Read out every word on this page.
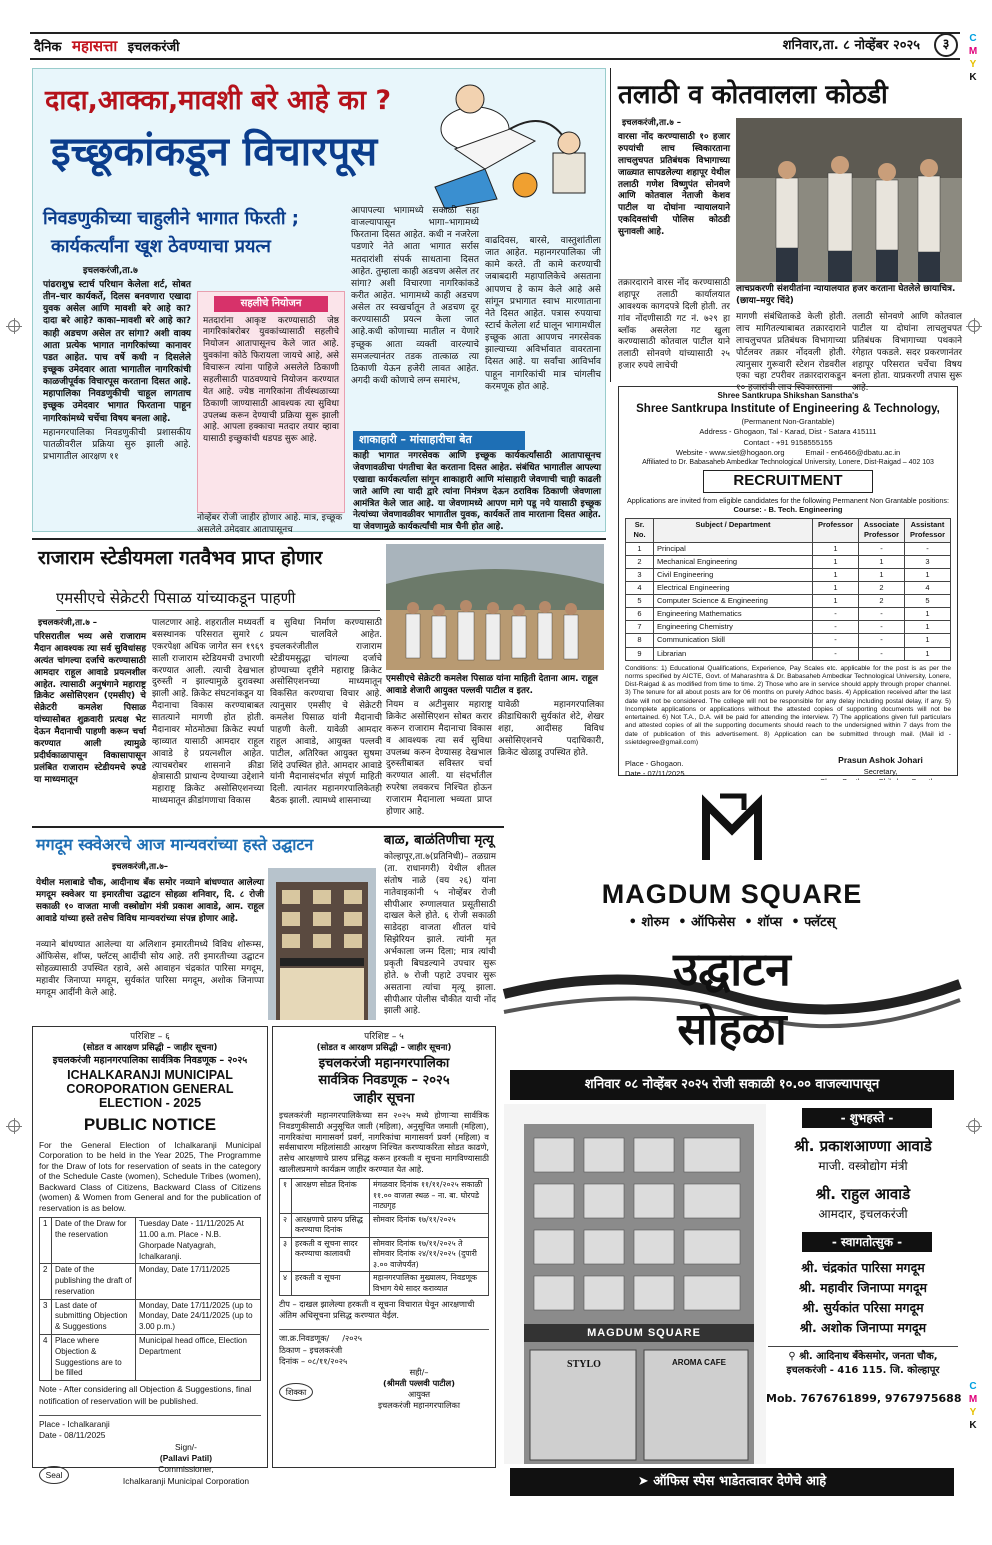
दैनिक महासत्ता इचलकरंजी	शनिवार,ता. ८ नोव्हेंबर २०२५	३	C
M
Y
K
C
M
Y
K
दादा,आक्का,मावशी बरे आहे का ?
इच्छूकांकडून विचारपूस
निवडणुकीच्या चाहुलीने भागात फिरती ;
कार्यकर्त्यांना खूश ठेवण्याचा प्रयत्न
इचलकरंजी,ता.७

पांढराशुभ्र स्टार्च परिधान केलेला शर्ट, सोबत तीन–चार कार्यकर्ते, दिलस बनवणारा एखादा युवक असेल आणि मावशी बरे आहे का? दादा बरे आहे? काका–मावशी बरे आहे का? काही अडचण असेल तर सांगा? अशी वाक्य आता प्रत्येक भागात नागरिकांच्या कानावर पडत आहेत. पाच वर्षे कधी न दिसलेले इच्छूक उमेदवार आता भागातील नागरिकांची काळजीपूर्वक विचारपूस करताना दिसत आहे. महापालिका निवडणुकीची चाहूल लागताच इच्छूक उमेदवार भागात फिरताना पाहून नागरिकांमध्ये चर्चेचा विषय बनला आहे.

महानगरपालिका निवडणुकीची प्रशासकीय पातळीवरील प्रक्रिया सुरु झाली आहे. प्रभागातील आरक्षण ११

सहलीचे नियोजन
मतदारांना आकृष्ट करण्यासाठी जेष्ठ नागरिकांबरोबर युवकांच्यासाठी सहलीचे नियोजन आतापासूनच केले जात आहे. युवकांना कोठे फिरायला जायचे आहे, असे विचारून त्यांना पाहिजे असलेले ठिकाणी सहलीसाठी पाठवण्याचे नियोजन करण्यात येत आहे. ज्येष्ठ नागरिकांना तीर्थस्थळाच्या ठिकाणी जाण्यासाठी आवश्यक त्या सुविधा उपलब्ध करून देण्याची प्रक्रिया सुरू झाली आहे. आपला हक्काचा मतदार तयार व्हावा यासाठी इच्छुकांची धडपड सुरू आहे.
नोव्हेंबर रोजी जाहीर होणार आहे. मात्र, इच्छूक असलेले उमेदवार आतापासूनच
आपापल्या भागामध्ये सकाळी सहा वाजल्यापासून भागा–भागामध्ये फिरताना दिसत आहेत. कधी न नजरेला पडणारे नेते आता भागात सर्रास मतदारांशी संपर्क साधताना दिसत आहेत. तुम्हाला काही अडचण असेल तर सांगा? अशी विचारणा नागरिकांकडे करीत आहेत. भागामध्ये काही अडचण असेल तर स्वखर्चातून ते अडचण दूर करण्यासाठी प्रयत्न केला जात आहे.कधी कोणाच्या मातील न येणारे इच्छूक आता व्यक्ती वारल्याचे समजल्यानंतर तडक तात्काळ त्या ठिकाणी येऊन हजेरी लावत आहेत. अगदी कधी कोणाचे लग्न समारंभ,
वाढदिवस, बारसे, वास्तुशांतीला जात आहेत. महानगरपालिका जी कामे करते. ती कामे करण्याची जबाबदारी महापालिकेचे असताना आपणच हे काम केले आहे असे सांगून प्रभागात स्वाभ मारणाताना नेते दिसत आहेत. पत्रास रुपयाचा स्टार्च केलेला शर्ट घालून भागामधील इच्छूक आता आपणच नगरसेवक झाल्याच्या अविर्भावात वावरताना दिसत आहे. या सर्वांचा आविर्भाव पाहून नागरिकांची मात्र चांगलीच करमणूक होत आहे.
शाकाहारी – मांसाहारीचा बेत
काही भागात नगरसेवक आणि इच्छूक कार्यकर्त्यांसाठी आतापासूनच जेवणावळीचा पंगतीचा बेत करताना दिसत आहेत. संबंधित भागातील आपल्या एखाद्या कार्यकर्त्याला सांगून शाकाहारी आणि मांसाहारी जेवणाची चाही काढली जाते आणि त्या यादी द्वारे त्यांना निमंत्रण देऊन ठराविक ठिकाणी जेवणाला आमंत्रित केले जात आहे. या जेवणामध्ये आपण मागे पडू नये यासाठी इच्छूक नेत्यांच्या जेवणावळीवर भागातील युवक, कार्यकर्ते ताव मारताना दिसत आहेत. या जेवणामुळे कार्यकर्त्यांची मात्र चैनी होत आहे.
तलाठी व कोतवालला कोठडी
इचलकरंजी,ता.७ –
वारसा नोंद करण्यासाठी १० हजार रुपयांची लाच स्विकारताना लाचलुचपत प्रतिबंधक विभागाच्या जाळ्यात सापडलेल्या शहापूर येथील तलाठी गणेश विष्णुपंत सोनवणे आणि कोतवाल नेताजी केशव पाटील या दोघांना न्यायालयाने एकदिवसांची पोलिस कोठडी सुनावली आहे.
लाचप्रकरणी संशयीतांना न्यायालयात हजर करताना घेतलेले छायाचित्र.(छाया–मयुर चिंदे)
तक्रारदाराने वारस नोंद करण्यासाठी शहापूर तलाठी कार्यालयात आवश्यक कागदपत्रे दिली होती. तर गांव नोंदणीसाठी गट नं. ७२९ हा ब्लॉक असलेला गट खुला करण्यासाठी कोतवाल पाटील याने तलाठी सोनवणे यांच्यासाठी २५ हजार रुपये लाचेची
मागणी संबंधिताकडे केली होती. लाच मागितल्याबाबत तक्रारदाराने लाचलुचपत प्रतिबंधक विभागाच्या पोर्टलवर तक्रार नोंदवली होती. त्यानुसार गुरूवारी स्टेशन रोडवरील एका चहा टपरीवर तक्रारदाराकडून १० हजारांची लाच स्विकारताना
तलाठी सोनवणे आणि कोतवाल पाटील या दोघांना लाचलुचपत प्रतिबंधक विभागाच्या पथकाने रंगेहात पकडले. सदर प्रकरणानंतर शहापूर परिसरात चर्चेचा विषय बनला होता. याप्रकरणी तपास सुरू आहे.
Shree Santkrupa Shikshan Sanstha's
Shree Santkrupa Institute of Engineering & Technology,
(Permanent Non-Grantable)
Address - Ghogaon, Tal - Karad, Dist - Satara 415111
Contact - +91 9158555155
Website - www.siet@hogaon.org          Email - en6466@dbatu.ac.in
Affiliated to Dr. Babasaheb Ambedkar Technological University, Lonere, Dist-Raigad – 402 103
RECRUITMENT
Applications are invited from eligible candidates for the following Permanent Non Grantable positions:
Course: - B. Tech. Engineering
Sr. No.	Subject / Department	Professor	Associate Professor	Assistant Professor
1	Principal	1	-	-
2	Mechanical Engineering	1	1	3
3	Civil Engineering	1	1	1
4	Electrical Engineering	1	2	4
5	Computer Science & Engineering	1	2	5
6	Engineering Mathematics	-	-	1
7	Engineering Chemistry	-	-	1
8	Communication Skill	-	-	1
9	Librarian	-	-	1
Conditions: 1) Educational Qualifications, Experience, Pay Scales etc. applicable for the post is as per the norms specified by AICTE, Govt. of Maharashtra & Dr. Babasaheb Ambedkar Technological University, Lonere, Dist-Raigad & as modified from time to time. 2) Those who are in service should apply through proper channel. 3) The tenure for all about posts are for 06 months on purely Adhoc basis. 4) Application received after the last date will not be considered. The college will not be responsible for any delay including postal delay, if any. 5) Incomplete applications or applications without the attested copies of supporting documents will not be entertained. 6) Not T.A., D.A. will be paid for attending the interview. 7) The applications given full particulars and attested copies of all the supporting documents should reach to the undersigned within 7 days from the date of publication of this advertisement. 8) Application can be submitted through mail. (Mail id - ssietdegree@gmail.com)
Place - Ghogaon.
Date - 07/11/2025
Prasun Ashok Johari
Secretary,
राजाराम स्टेडीयमला गतवैभव प्राप्त होणार
एमसीएचे सेक्रेटरी पिसाळ यांच्याकडून पाहणी
इचलकरंजी,ता.७ –
परिसरातील भव्य असे राजाराम मैदान आवश्यक त्या सर्व सुविधांसह अत्यंत चांगल्या दर्जाचे करण्यासाठी आमदार राहूल आवाडे प्रयत्नशील आहेत. त्यासाठी अनुषंगाने महाराष्ट्र क्रिकेट असोसिएशन (एमसीए) चे सेक्रेटरी कमलेश पिसाळ यांच्यासोबत शुक्रवारी प्रत्यक्ष भेट देऊन मैदानाची पाहणी करून चर्चा करण्यात आली त्यामुळे प्रदीर्घकाळापासून विकासापासून प्रलंबित राजाराम स्टेडीयमचे रुपडे या माध्यमातून
पालटणार आहे. शहरातील मध्यवर्ती बसस्थानक परिसरात सुमारे ८ एकरपेक्षा अधिक जागेत सन १९६९ साली राजाराम स्टेडियमची उभारणी करण्यात आली. त्याची देखभाल दुरुस्ती न झाल्यामुळे दुरावस्था झाली आहे. क्रिकेट संघटनांकडून या मैदानाचा विकास करण्याबाबत सातत्याने मागणी होत होती. मैदानावर मोठमोठ्या क्रिकेट स्पर्धा व्हाव्यात यासाठी आमदार राहूल आवाडे हे प्रयत्नशील आहेत. त्याचबरोबर शासनाने क्रीडा क्षेत्रासाठी प्राधान्य देण्याच्या उद्देशाने महाराष्ट्र क्रिकेट असोसिएशनच्या माध्यमातून क्रीडांगणाचा विकास
व सुविधा निर्माण करण्यासाठी प्रयत्न चालविले आहेत. इचलकरंजीतील राजाराम स्टेडीयमसुद्धा चांगल्या दर्जाचे होण्याच्या दृष्टीने महाराष्ट्र क्रिकेट असोसिएशनच्या माध्यमातून विकसित करण्याचा विचार आहे. त्यानुसार एमसीए चे सेक्रेटरी कमलेश पिसाळ यांनी मैदानाची पाहणी केली. यावेळी आमदार राहूल आवाडे, आयुक्त पल्लवी पाटील, अतिरिक्त आयुक्त सुषमा शिंदे उपस्थित होते. आमदार आवाडे यांनी मैदानासंदर्भात संपूर्ण माहिती दिली. त्यानंतर महानगरपालिकेतही बैठक झाली. त्यामध्ये शासनाच्या
एमसीएचे सेक्रेटरी कमलेश पिसाळ यांना माहिती देताना आम. राहूल आवाडे शेजारी आयुक्त पल्लवी पाटील व इतर.
नियम व अटीनुसार महाराष्ट्र क्रिकेट असोसिएशन सोबत करार करून राजाराम मैदानाचा विकास व आवश्यक त्या सर्व सुविधा उपलब्ध करुन देण्यासह देखभाल दुरुस्तीबाबत सविस्तर चर्चा करण्यात आली. या संदर्भातील रुपरेषा लवकरच निश्चित होऊन राजाराम मैदानाला भव्यता प्राप्त होणार आहे.
यावेळी महानगरपालिका क्रीडाधिकारी सुर्यकांत शेटे, शेखर शहा, आदीसह विविध असोसिएशनचे पदाधिकारी, क्रिकेट खेळाडू उपस्थित होते.
मगदूम स्क्वेअरचे आज मान्यवरांच्या हस्ते उद्घाटन
इचलकरंजी,ता.७–
येथील मलाबाडे चौक, आदीनाथ बँक समोर नव्याने बांधण्यात आलेल्या मगदूम स्क्वेअर या इमारतीचा उद्घाटन सोहळा शनिवार, दि. ८ रोजी सकाळी १० वाजता माजी वस्त्रोद्योग मंत्री प्रकाश आवाडे, आम. राहूल आवाडे यांच्या हस्ते तसेच विविध मान्यवरांच्या संपन्न होणार आहे.
नव्याने बांधण्यात आलेल्या या अलिशान इमारतीमध्ये विविध शोरूम्स, ऑफिसेस, शॉप्स, फ्लॅटस् आदींची सोय आहे. तरी इमारतीच्या उद्घाटन सोहळ्यासाठी उपस्थित रहावे, असे आवाहन चंद्रकांत पारिसा मगदूम, महावीर जिनाप्पा मगदूम, सुर्यकांत पारिसा मगदूम, अशोक जिनाप्पा मगदूम आदींनी केले आहे.
बाळ, बाळंतिणीचा मृत्यू
कोल्हापूर,ता.७(प्रतिनिधी)– तळग्राम (ता. राधानगरी) येथील शीतल संतोष नाळे (वय २६) यांना नातेवाइकांनी ५ नोव्हेंबर रोजी सीपीआर रुग्णालयात प्रसूतीसाठी दाखल केले होते. ६ रोजी सकाळी साडेदहा वाजता शीतल यांचे सिझेरियन झाले. त्यांनी मृत अर्भकाला जन्म दिला; मात्र त्यांची प्रकृती बिघडल्याने उपचार सुरू होते. ७ रोजी पहाटे उपचार सुरू असताना त्यांचा मृत्यू झाला. सीपीआर पोलीस चौकीत याची नोंद झाली आहे.
परिशिष्ट – ६
(सोडत व आरक्षण प्रसिद्धी – जाहीर सूचना)
इचलकरंजी महानगरपालिका सार्वत्रिक निवडणूक – २०२५
ICHALKARANJI MUNICIPAL COROPORATION GENERAL ELECTION - 2025
PUBLIC NOTICE
For the General Election of Ichalkaranji Municipal Corporation to be held in the Year 2025, The Programme for the Draw of lots for reservation of seats in the category of the Schedule Caste (women), Schedule Tribes (women), Backward Class of Citizens, Backward Class of Citizens (women) & Women from General and for the publication of reservation is as below.
1	Date of the Draw for the reservation	Tuesday Date - 11/11/2025 At 11.00 a.m. Place - N.B. Ghorpade Natyagrah, Ichalkaranji.
2	Date of the publishing the draft of reservation	Monday, Date 17/11/2025
3	Last date of submitting Objection & Suggestions	Monday, Date 17/11/2025 (up to Monday, Date 24/11/2025 (up to 3.00 p.m.)
4	Place where Objection & Suggestions are to be filled	Municipal head office, Election Department
Note - After considering all Objection & Suggestions, final notification of reservation will be published.
Place - Ichalkaranji
Date - 08/11/2025
Seal
Sign/-
(Pallavi Patil)
Commissioner,
Ichalkaranji Municipal Corporation
परिशिष्ट – ५
(सोडत व आरक्षण प्रसिद्धी – जाहीर सूचना)
इचलकरंजी महानगरपालिका
सार्वत्रिक निवडणूक – २०२५
जाहीर सूचना
इचलकरंजी महानगरपालिकेच्या सन २०२५ मध्ये होणाऱ्या सार्वत्रिक निवडणुकीसाठी अनुसूचित जाती (महिला), अनुसूचित जमाती (महिला), नागरिकांचा मागासवर्ग प्रवर्ग, नागरिकांचा मागासवर्ग प्रवर्ग (महिला) व सर्वसाधारण महिलांसाठी आरक्षण निश्चित करण्याकरिता सोडत काढणे, तसेच आरक्षणाचे प्रारुप प्रसिद्ध करून हरकती व सूचना मागविण्यासाठी खालीलप्रमाणे कार्यक्रम जाहीर करण्यात येत आहे.
१	आरक्षण सोडत दिनांक	मंगळवार दिनांक ११/११/२०२५ सकाळी ११.०० वाजता स्थळ – ना. बा. घोरपडे नाट्यगृह
२	आरक्षणाचे प्रारुप प्रसिद्ध करण्याचा दिनांक	सोमवार दिनांक १७/११/२०२५
३	हरकती व सूचना सादर करण्याचा कालावधी	सोमवार दिनांक १७/११/२०२५ ते सोमवार दिनांक २४/११/२०२५ (दुपारी ३.०० वाजेपर्यंत)
४	हरकती व सूचना	महानगरपालिका मुख्यालय, निवडणूक विभाग येथे सादर कराव्यात
टीप – दाखल झालेल्या हरकती व सूचना विचारात घेवून आरक्षणाची अंतिम अधिसूचना प्रसिद्ध करण्यात येईल.
जा.क्र.निवडणूक/     /२०२५
ठिकाण – इचलकरंजी
दिनांक – ०८/११/२०२५
शिक्का
सही/–
(श्रीमती पल्लवी पाटील)
आयुक्त
इचलकरंजी महानगरपालिका
MAGDUM SQUARE
• शोरुम  • ऑफिसेस  • शॉप्स  • फ्लॅटस्
उद्घाटन
सोहळा
शनिवार ०८ नोव्हेंबर २०२५ रोजी सकाळी १०.०० वाजल्यापासून
MAGDUM SQUARE
STYLO	AROMA CAFE
- शुभहस्ते -
श्री. प्रकाशआण्णा आवाडे
माजी. वस्त्रोद्योग मंत्री
श्री. राहुल आवाडे
आमदार, इचलकरंजी
- स्वागतोत्सुक -
श्री. चंद्रकांत पारिसा मगदूम
श्री. महावीर जिनाप्पा मगदूम
श्री. सुर्यकांत परिसा मगदूम
श्री. अशोक जिनाप्पा मगदूम
⚲ श्री. आदिनाथ बँकेसमोर, जनता चौक,
इचलकरंजी - 416 115. जि. कोल्हापूर
Mob. 7676761899, 9767975688
➤ ऑफिस स्पेस भाडेतत्वावर देणेचे आहे
